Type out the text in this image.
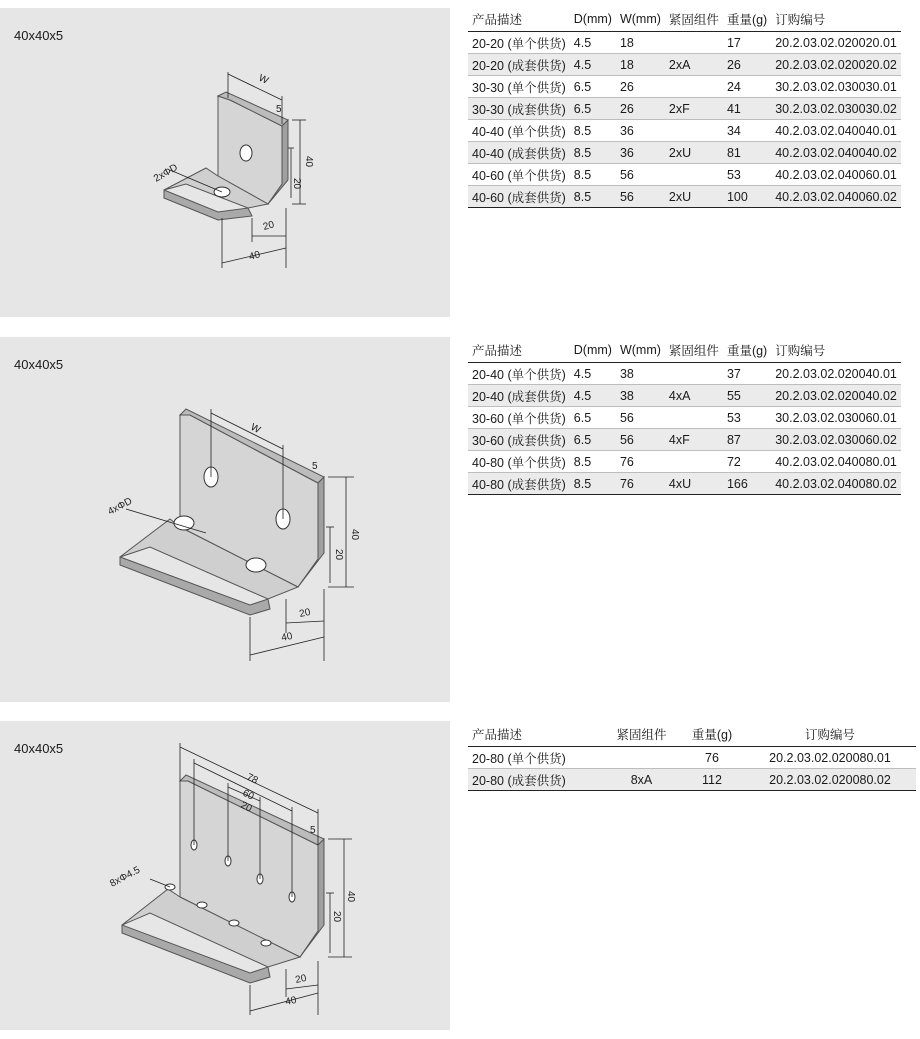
40x40x5
W
5
40
20
2xΦD
20
40
产品描述	D(mm)	W(mm)	紧固组件	重量(g)	订购编号
20-20 (单个供货)	4.5	18		17	20.2.03.02.020020.01
20-20 (成套供货)	4.5	18	2xA	26	20.2.03.02.020020.02
30-30 (单个供货)	6.5	26		24	30.2.03.02.030030.01
30-30 (成套供货)	6.5	26	2xF	41	30.2.03.02.030030.02
40-40 (单个供货)	8.5	36		34	40.2.03.02.040040.01
40-40 (成套供货)	8.5	36	2xU	81	40.2.03.02.040040.02
40-60 (单个供货)	8.5	56		53	40.2.03.02.040060.01
40-60 (成套供货)	8.5	56	2xU	100	40.2.03.02.040060.02
40x40x5
W
5
40
20
4xΦD
20
40
产品描述	D(mm)	W(mm)	紧固组件	重量(g)	订购编号
20-40 (单个供货)	4.5	38		37	20.2.03.02.020040.01
20-40 (成套供货)	4.5	38	4xA	55	20.2.03.02.020040.02
30-60 (单个供货)	6.5	56		53	30.2.03.02.030060.01
30-60 (成套供货)	6.5	56	4xF	87	30.2.03.02.030060.02
40-80 (单个供货)	8.5	76		72	40.2.03.02.040080.01
40-80 (成套供货)	8.5	76	4xU	166	40.2.03.02.040080.02
40x40x5
78
60
20
5
40
20
8xΦ4.5
20
40
产品描述	紧固组件	重量(g)	订购编号
20-80 (单个供货)		76	20.2.03.02.020080.01
20-80 (成套供货)	8xA	112	20.2.03.02.020080.02
